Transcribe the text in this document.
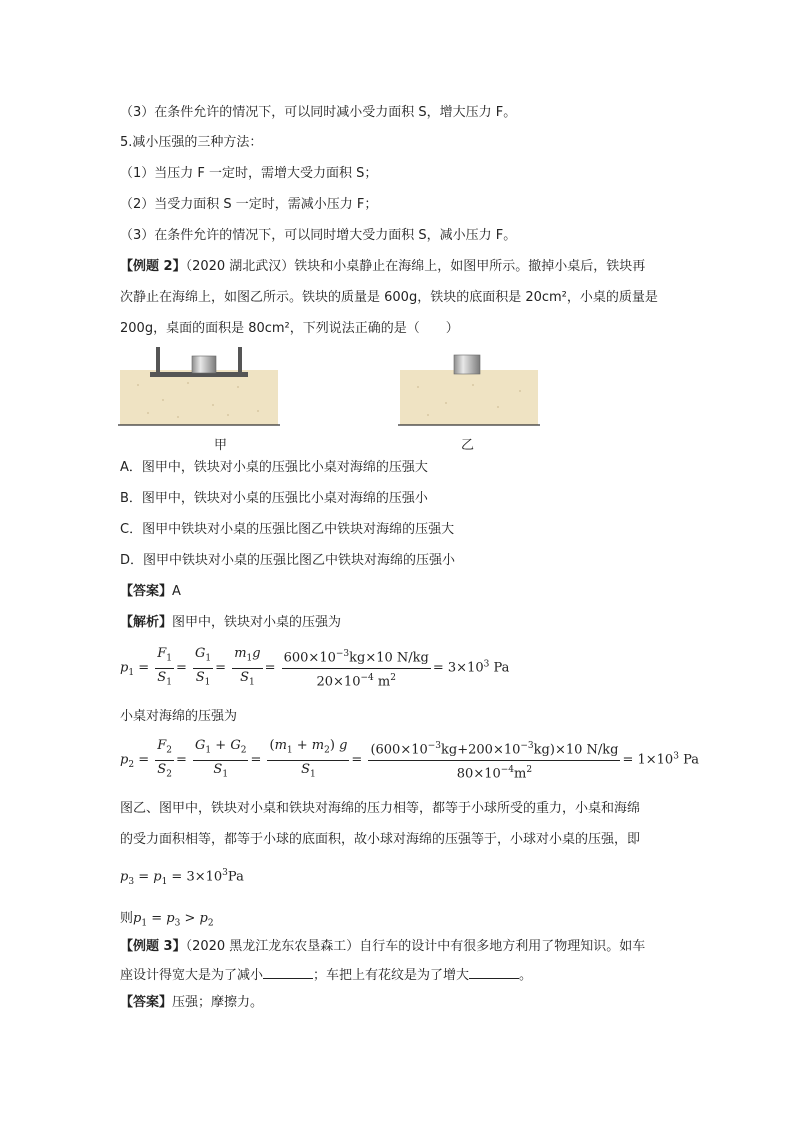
（3）在条件允许的情况下，可以同时减小受力面积 S，增大压力 F。
5.减小压强的三种方法：
（1）当压力 F 一定时，需增大受力面积 S；
（2）当受力面积 S 一定时，需减小压力 F；
（3）在条件允许的情况下，可以同时增大受力面积 S，减小压力 F。
【例题 2】（2020 湖北武汉）铁块和小桌静止在海绵上，如图甲所示。撤掉小桌后，铁块再
次静止在海绵上，如图乙所示。铁块的质量是 600g，铁块的底面积是 20cm²，小桌的质量是
200g，桌面的面积是 80cm²，下列说法正确的是（　　）
甲	乙
A．图甲中，铁块对小桌的压强比小桌对海绵的压强大
B．图甲中，铁块对小桌的压强比小桌对海绵的压强小
C．图甲中铁块对小桌的压强比图乙中铁块对海绵的压强大
D．图甲中铁块对小桌的压强比图乙中铁块对海绵的压强小
【答案】A
【解析】图甲中，铁块对小桌的压强为
$p_1 = \frac{F_1}{S_1} = \frac{G_1}{S_1} = \frac{m_1g}{S_1} = \frac{600\times 10^{-3}kg\times 10 N/kg}{20\times 10^{-4} m^2} = 3\times 10^3$ Pa
小桌对海绵的压强为
$p_2 = \frac{F_2}{S_2} = \frac{G_1 + G_2}{S_1} = \frac{(m_1 + m_2) g}{S_1} = \frac{(600\times 10^{-3}kg+200\times 10^{-3}kg)\times 10 N/kg}{80\times 10^{-4}m^2} = 1\times 10^3$ Pa
图乙、图甲中，铁块对小桌和铁块对海绵的压力相等，都等于小球所受的重力，小桌和海绵
的受力面积相等，都等于小球的底面积，故小球对海绵的压强等于，小球对小桌的压强，即
$p_3 = p_1 = 3\times 10^3Pa$
则$p_1 = p_3 > p_2$
【例题 3】（2020 黑龙江龙东农垦森工）自行车的设计中有很多地方利用了物理知识。如车
座设计得宽大是为了减小	；车把上有花纹是为了增大	。
【答案】压强；摩擦力。
